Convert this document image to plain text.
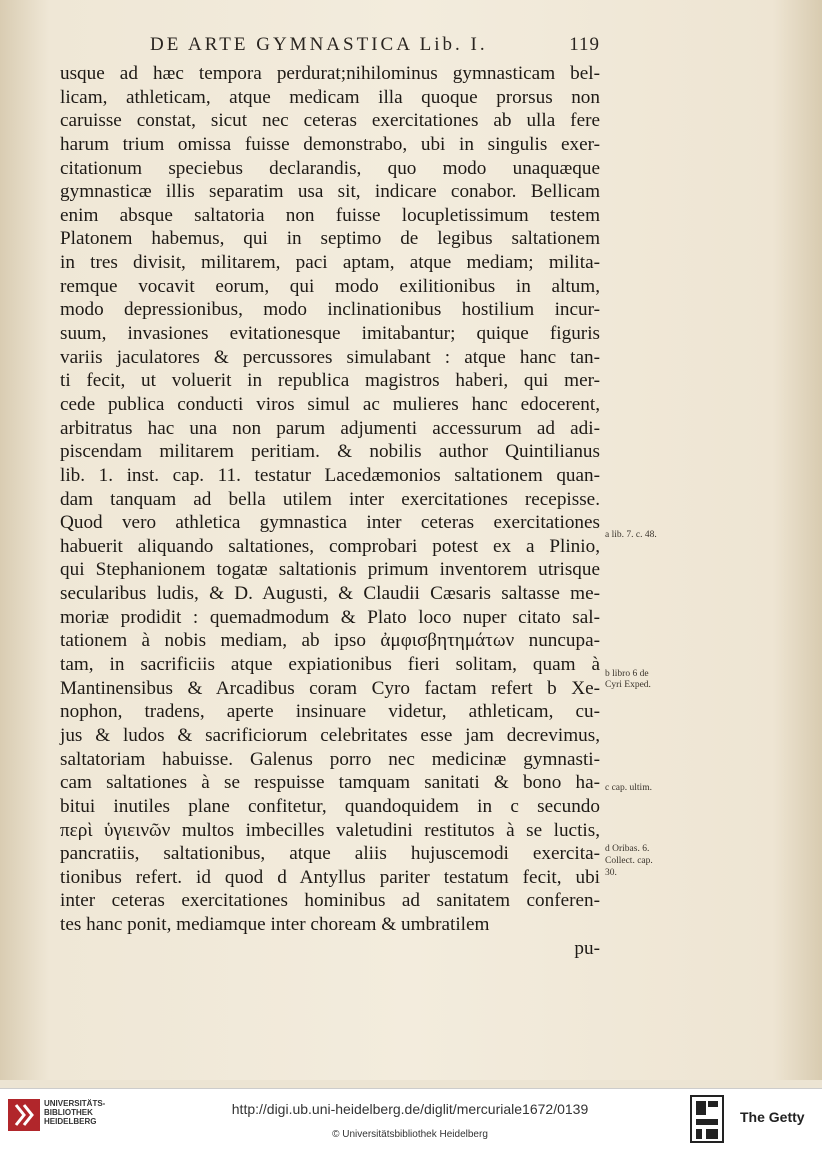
DE ARTE GYMNASTICA Lib. I.	119
usque ad hæc tempora perdurat;nihilominus gymnasticam bel-
licam, athleticam, atque medicam illa quoque prorsus non
caruisse constat, sicut nec ceteras exercitationes ab ulla fere
harum trium omissa fuisse demonstrabo, ubi in singulis exer-
citationum speciebus declarandis, quo modo unaquæque
gymnasticæ illis separatim usa sit, indicare conabor. Bellicam
enim absque saltatoria non fuisse locupletissimum testem
Platonem habemus, qui in septimo de legibus saltationem
in tres divisit, militarem, paci aptam, atque mediam; milita-
remque vocavit eorum, qui modo exilitionibus in altum,
modo depressionibus, modo inclinationibus hostilium incur-
suum, invasiones evitationesque imitabantur; quique figuris
variis jaculatores & percussores simulabant : atque hanc tan-
ti fecit, ut voluerit in republica magistros haberi, qui mer-
cede publica conducti viros simul ac mulieres hanc edocerent,
arbitratus hac una non parum adjumenti accessurum ad adi-
piscendam militarem peritiam. & nobilis author Quintilianus
lib. 1. inst. cap. 11. testatur Lacedæmonios saltationem quan-
dam tanquam ad bella utilem inter exercitationes recepisse.
Quod vero athletica gymnastica inter ceteras exercitationes
habuerit aliquando saltationes, comprobari potest ex a Plinio,
qui Stephanionem togatæ saltationis primum inventorem utrisque
secularibus ludis, & D. Augusti, & Claudii Cæsaris saltasse me-
moriæ prodidit : quemadmodum & Plato loco nuper citato sal-
tationem à nobis mediam, ab ipso ἀμφισβητημάτων nuncupa-
tam, in sacrificiis atque expiationibus fieri solitam, quam à
Mantinensibus & Arcadibus coram Cyro factam refert b Xe-
nophon, tradens, aperte insinuare videtur, athleticam, cu-
jus & ludos & sacrificiorum celebritates esse jam decrevimus,
saltatoriam habuisse. Galenus porro nec medicinæ gymnasti-
cam saltationes à se respuisse tamquam sanitati & bono ha-
bitui inutiles plane confitetur, quandoquidem in c secundo
περὶ ὑγιεινῶν multos imbecilles valetudini restitutos à se luctis,
pancratiis, saltationibus, atque aliis hujuscemodi exercita-
tionibus refert. id quod d Antyllus pariter testatum fecit, ubi
inter ceteras exercitationes hominibus ad sanitatem conferen-
tes hanc ponit, mediamque inter choream & umbratilem
pu-
a lib. 7. c. 48.
b libro 6 de
Cyri Exped.
c cap. ultim.
d Oribas. 6.
Collect. cap.
30.
UNIVERSITÄTS-
BIBLIOTHEK
HEIDELBERG
http://digi.ub.uni-heidelberg.de/diglit/mercuriale1672/0139
© Universitätsbibliothek Heidelberg
The Getty
